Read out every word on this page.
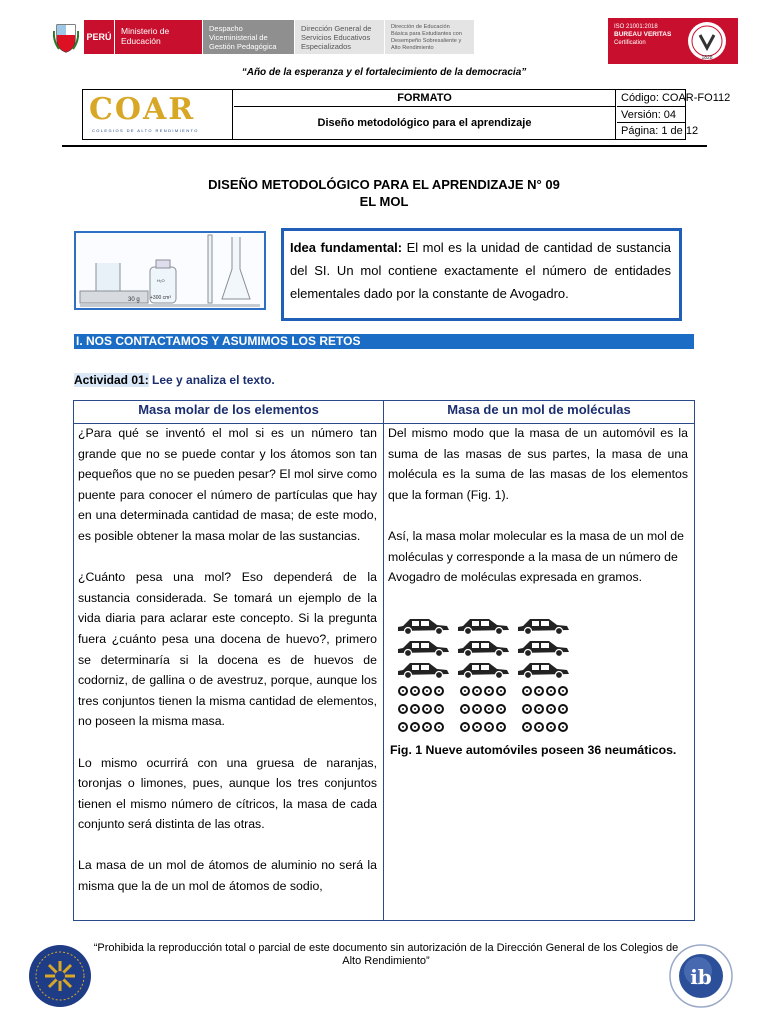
PERÚ
Ministerio de Educación
Despacho Viceministerial de Gestión Pedagógica
Dirección General de Servicios Educativos Especializados
Dirección de Educación Básica para Estudiantes con Desempeño Sobresaliente y Alto Rendimiento
ISO 21001:2018
BUREAU VERITAS
Certification
1828
“Año de la esperanza y el fortalecimiento de la democracia”
COAR
COLEGIOS DE ALTO RENDIMIENTO
FORMATO
Diseño metodológico para el aprendizaje
Código: COAR-FO112
Versión: 04
Página: 1 de 12
DISEÑO METODOLÓGICO PARA EL APRENDIZAJE N° 09
EL MOL
30 g
H₂O
+300 cm³
Idea fundamental: El mol es la unidad de cantidad de sustancia del SI. Un mol contiene exactamente el número de entidades elementales dado por la constante de Avogadro.
I. NOS CONTACTAMOS Y ASUMIMOS LOS RETOS
Actividad 01: Lee y analiza el texto.
Masa molar de los elementos	Masa de un mol de moléculas

¿Para qué se inventó el mol si es un número tan grande que no se puede contar y los átomos son tan pequeños que no se pueden pesar? El mol sirve como puente para conocer el número de partículas que hay en una determinada cantidad de masa; de este modo, es posible obtener la masa molar de las sustancias.

¿Cuánto pesa una mol? Eso dependerá de la sustancia considerada. Se tomará un ejemplo de la vida diaria para aclarar este concepto. Si la pregunta fuera ¿cuánto pesa una docena de huevo?, primero se determinaría si la docena es de huevos de codorniz, de gallina o de avestruz, porque, aunque los tres conjuntos tienen la misma cantidad de elementos, no poseen la misma masa.

Lo mismo ocurrirá con una gruesa de naranjas, toronjas o limones, pues, aunque los tres conjuntos tienen el mismo número de cítricos, la masa de cada conjunto será distinta de las otras.

La masa de un mol de átomos de aluminio no será la misma que la de un mol de átomos de sodio,

Del mismo modo que la masa de un automóvil es la suma de las masas de sus partes, la masa de una molécula es la suma de las masas de los elementos que la forman (Fig. 1).

Así, la masa molar molecular es la masa de un mol de
moléculas y corresponde a la masa de un número de Avogadro de moléculas expresada en gramos.
Fig. 1 Nueve automóviles poseen 36 neumáticos.
“Prohibida la reproducción total o parcial de este documento sin autorización de la Dirección General de los Colegios de Alto Rendimiento”
ib
